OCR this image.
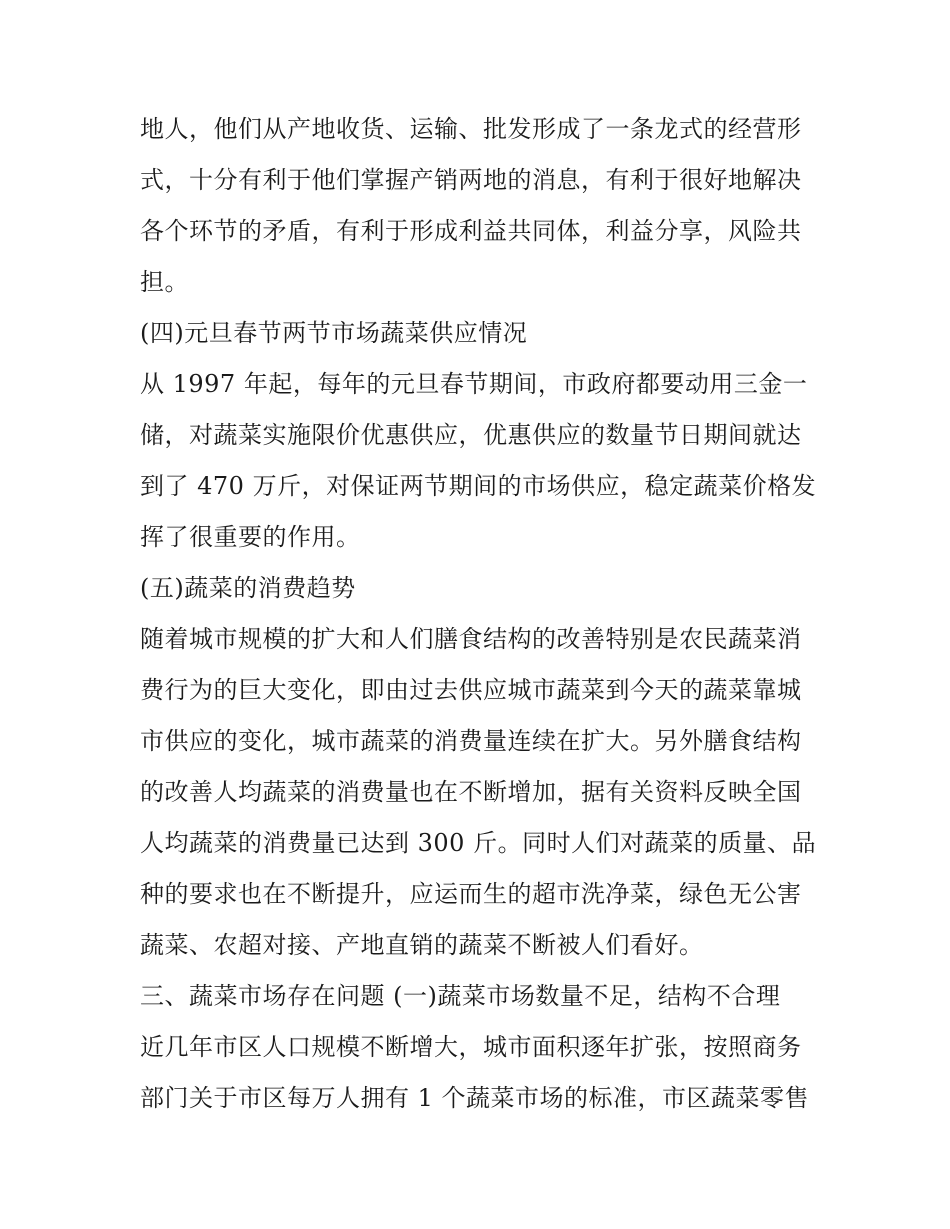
地人，他们从产地收货、运输、批发形成了一条龙式的经营形
式，十分有利于他们掌握产销两地的消息，有利于很好地解决
各个环节的矛盾，有利于形成利益共同体，利益分享，风险共
担。
(四)元旦春节两节市场蔬菜供应情况
从 1997 年起，每年的元旦春节期间，市政府都要动用三金一
储，对蔬菜实施限价优惠供应，优惠供应的数量节日期间就达
到了 470 万斤，对保证两节期间的市场供应，稳定蔬菜价格发
挥了很重要的作用。
(五)蔬菜的消费趋势
随着城市规模的扩大和人们膳食结构的改善特别是农民蔬菜消
费行为的巨大变化，即由过去供应城市蔬菜到今天的蔬菜靠城
市供应的变化，城市蔬菜的消费量连续在扩大。另外膳食结构
的改善人均蔬菜的消费量也在不断增加，据有关资料反映全国
人均蔬菜的消费量已达到 300 斤。同时人们对蔬菜的质量、品
种的要求也在不断提升，应运而生的超市洗净菜，绿色无公害
蔬菜、农超对接、产地直销的蔬菜不断被人们看好。
三、蔬菜市场存在问题 (一)蔬菜市场数量不足，结构不合理
近几年市区人口规模不断增大，城市面积逐年扩张，按照商务
部门关于市区每万人拥有 1 个蔬菜市场的标准，市区蔬菜零售
